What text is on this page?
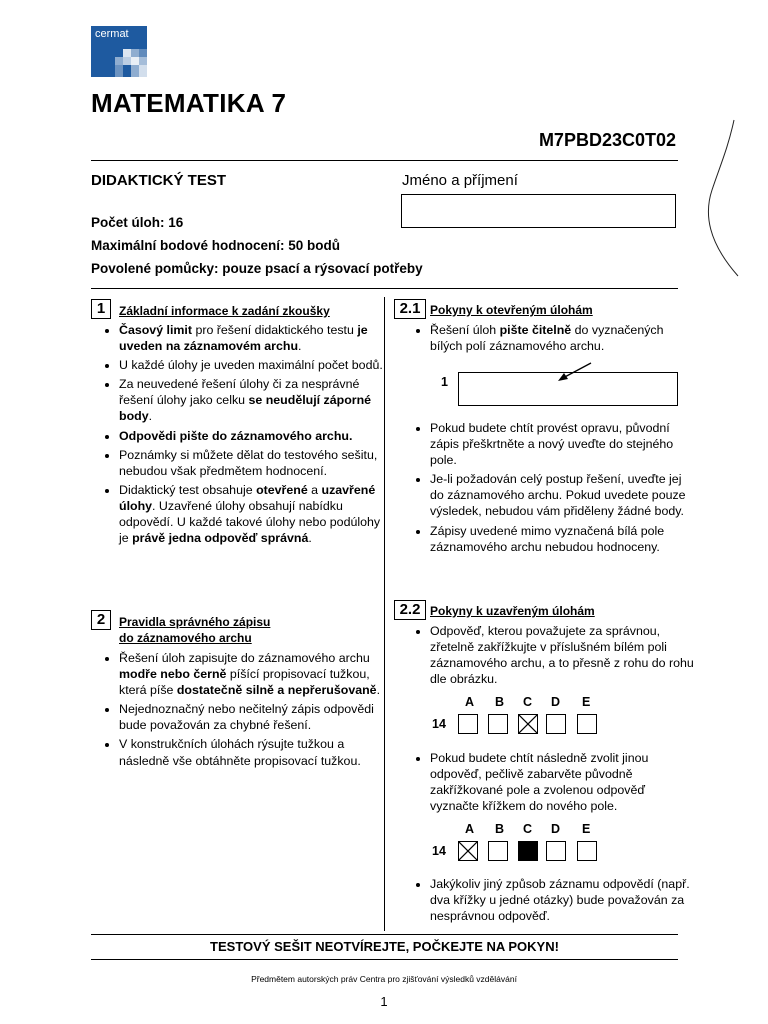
cermat
MATEMATIKA 7
M7PBD23C0T02
DIDAKTICKÝ TEST	Jméno a příjmení
Počet úloh: 16
Maximální bodové hodnocení: 50 bodů
Povolené pomůcky: pouze psací a rýsovací potřeby
1	Základní informace k zadání zkoušky
• Časový limit pro řešení didaktického testu je uveden na záznamovém archu.
• U každé úlohy je uveden maximální počet bodů.
• Za neuvedené řešení úlohy či za nesprávné řešení úlohy jako celku se neudělují záporné body.
• Odpovědi pište do záznamového archu.
• Poznámky si můžete dělat do testového sešitu, nebudou však předmětem hodnocení.
• Didaktický test obsahuje otevřené a uzavřené úlohy. Uzavřené úlohy obsahují nabídku odpovědí. U každé takové úlohy nebo podúlohy je právě jedna odpověď správná.
2	Pravidla správného zápisu
do záznamového archu
• Řešení úloh zapisujte do záznamového archu modře nebo černě píšící propisovací tužkou, která píše dostatečně silně a nepřerušovaně.
• Nejednoznačný nebo nečitelný zápis odpovědi bude považován za chybné řešení.
• V konstrukčních úlohách rýsujte tužkou a následně vše obtáhněte propisovací tužkou.
2.1 Pokyny k otevřeným úlohám
• Řešení úloh pište čitelně do vyznačených bílých polí záznamového archu.
1
• Pokud budete chtít provést opravu, původní zápis přeškrtněte a nový uveďte do stejného pole.
• Je-li požadován celý postup řešení, uveďte jej do záznamového archu. Pokud uvedete pouze výsledek, nebudou vám přiděleny žádné body.
• Zápisy uvedené mimo vyznačená bílá pole záznamového archu nebudou hodnoceny.
2.2 Pokyny k uzavřeným úlohám
• Odpověď, kterou považujete za správnou, zřetelně zakřížkujte v příslušném bílém poli záznamového archu, a to přesně z rohu do rohu dle obrázku.
A B C D E
14
• Pokud budete chtít následně zvolit jinou odpověď, pečlivě zabarvěte původně zakřížkované pole a zvolenou odpověď vyznačte křížkem do nového pole.
A B C D E
14
• Jakýkoliv jiný způsob záznamu odpovědí (např. dva křížky u jedné otázky) bude považován za nesprávnou odpověď.
TESTOVÝ SEŠIT NEOTVÍREJTE, POČKEJTE NA POKYN!
Předmětem autorských práv Centra pro zjišťování výsledků vzdělávání
1
